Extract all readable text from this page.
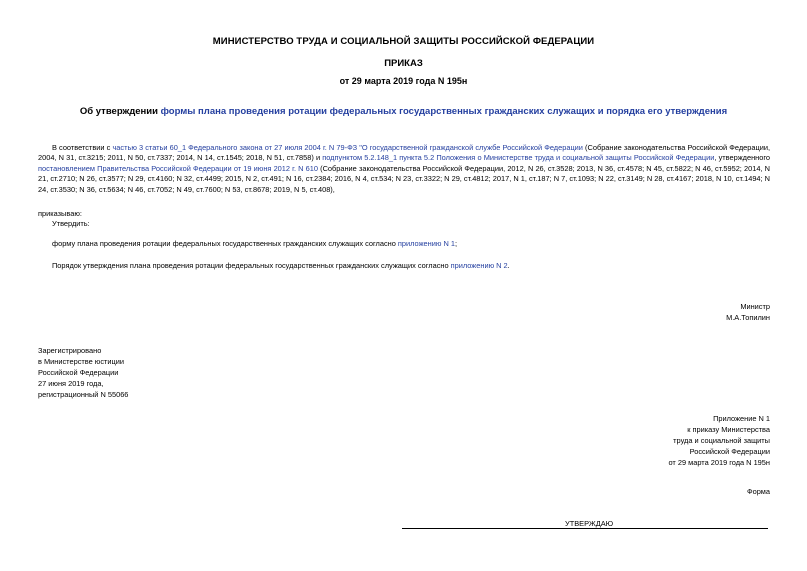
МИНИСТЕРСТВО ТРУДА И СОЦИАЛЬНОЙ ЗАЩИТЫ РОССИЙСКОЙ ФЕДЕРАЦИИ
ПРИКАЗ
от 29 марта 2019 года N 195н
Об утверждении формы плана проведения ротации федеральных государственных гражданских служащих и порядка его утверждения
В соответствии с частью 3 статьи 60_1 Федерального закона от 27 июля 2004 г. N 79-ФЗ "О государственной гражданской службе Российской Федерации (Собрание законодательства Российской Федерации, 2004, N 31, ст.3215; 2011, N 50, ст.7337; 2014, N 14, ст.1545; 2018, N 51, ст.7858) и подпунктом 5.2.148_1 пункта 5.2 Положения о Министерстве труда и социальной защиты Российской Федерации, утвержденного постановлением Правительства Российской Федерации от 19 июня 2012 г. N 610 (Собрание законодательства Российской Федерации, 2012, N 26, ст.3528; 2013, N 36, ст.4578; N 45, ст.5822; N 46, ст.5952; 2014, N 21, ст.2710; N 26, ст.3577; N 29, ст.4160; N 32, ст.4499; 2015, N 2, ст.491; N 16, ст.2384; 2016, N 4, ст.534; N 23, ст.3322; N 29, ст.4812; 2017, N 1, ст.187; N 7, ст.1093; N 22, ст.3149; N 28, ст.4167; 2018, N 10, ст.1494; N 24, ст.3530; N 36, ст.5634; N 46, ст.7052; N 49, ст.7600; N 53, ст.8678; 2019, N 5, ст.408),
приказываю:
Утвердить:
форму плана проведения ротации федеральных государственных гражданских служащих согласно приложению N 1;
Порядок утверждения плана проведения ротации федеральных государственных гражданских служащих согласно приложению N 2.
Министр
М.А.Топилин
Зарегистрировано
в Министерстве юстиции
Российской Федерации
27 июня 2019 года,
регистрационный N 55066
Приложение N 1
к приказу Министерства
труда и социальной защиты
Российской Федерации
от 29 марта 2019 года N 195н
Форма
УТВЕРЖДАЮ
